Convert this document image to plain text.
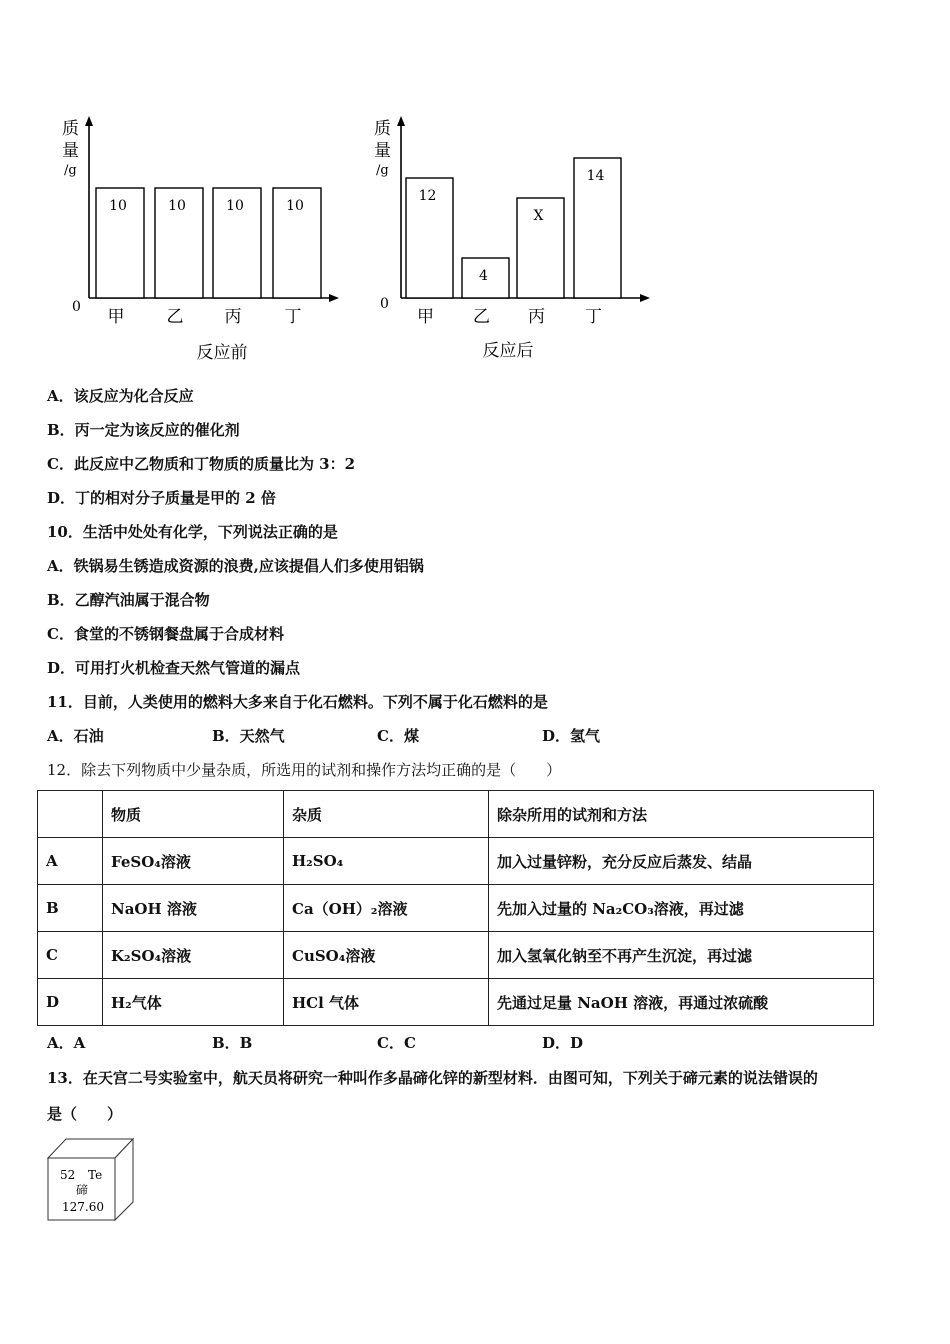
质
量
/g
0
10
甲
10
乙
10
丙
10
丁
反应前
质
量
/g
0
12
甲
4
乙
X
丙
14
丁
反应后
A．该反应为化合反应
B．丙一定为该反应的催化剂
C．此反应中乙物质和丁物质的质量比为 3：2
D．丁的相对分子质量是甲的 2 倍
10．生活中处处有化学，下列说法正确的是
A．铁锅易生锈造成资源的浪费,应该提倡人们多使用铝锅
B．乙醇汽油属于混合物
C．食堂的不锈钢餐盘属于合成材料
D．可用打火机检查天然气管道的漏点
11．目前，人类使用的燃料大多来自于化石燃料。下列不属于化石燃料的是
A．石油	B．天然气	C．煤	D．氢气
12．除去下列物质中少量杂质，所选用的试剂和操作方法均正确的是（　　）
	物质	杂质	除杂所用的试剂和方法
A	FeSO₄溶液	H₂SO₄	加入过量锌粉，充分反应后蒸发、结晶
B	NaOH 溶液	Ca（OH）₂溶液	先加入过量的 Na₂CO₃溶液，再过滤
C	K₂SO₄溶液	CuSO₄溶液	加入氢氧化钠至不再产生沉淀，再过滤
D	H₂气体	HCl 气体	先通过足量 NaOH 溶液，再通过浓硫酸
A．A	B．B	C．C	D．D
13．在天宫二号实验室中，航天员将研究一种叫作多晶碲化锌的新型材料．由图可知，下列关于碲元素的说法错误的
是（　　）
52 Te
碲
127.60
